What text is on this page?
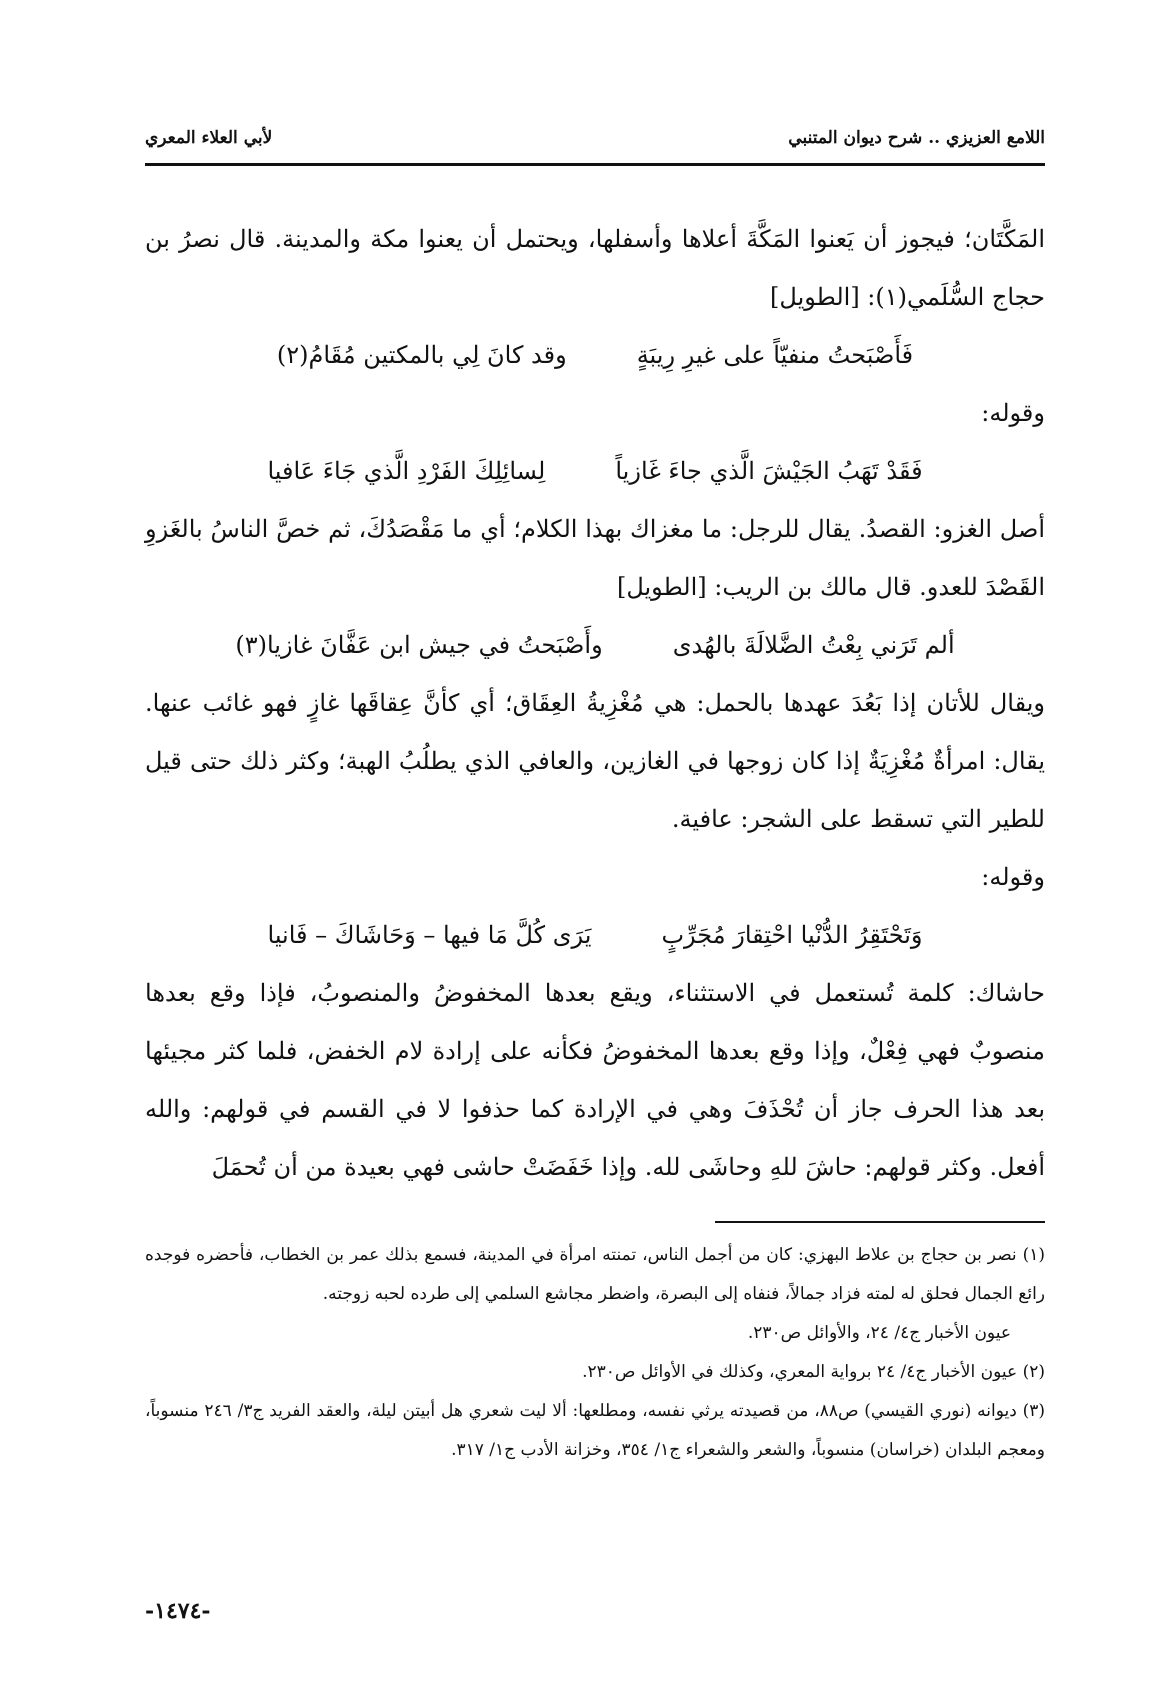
اللامع العزيزي .. شرح ديوان المتنبي
لأبي العلاء المعري

المَكَّتَان؛ فيجوز أن يَعنوا المَكَّةَ أعلاها وأسفلها، ويحتمل أن يعنوا مكة والمدينة. قال نصرُ بن حجاج السُّلَمي(١): [الطويل]

فَأَصْبَحتُ منفيّاً على غيرِ رِيبَةٍ
وقد كانَ لِي بالمكتين مُقَامُ(٢)

وقوله:

فَقَدْ تَهَبُ الجَيْشَ الَّذي جاءَ غَازياً
لِسائِلِكَ الفَرْدِ الَّذي جَاءَ عَافيا

أصل الغزو: القصدُ. يقال للرجل: ما مغزاك بهذا الكلام؛ أي ما مَقْصَدُكَ، ثم خصَّ الناسُ بالغَزوِ القَصْدَ للعدو. قال مالك بن الريب: [الطويل]

ألم تَرَني بِعْتُ الضَّلالَةَ بالهُدى
وأَصْبَحتُ في جيش ابن عَفَّانَ غازيا(٣)

ويقال للأتان إذا بَعُدَ عهدها بالحمل: هي مُغْزِيةُ العِقَاق؛ أي كأنَّ عِقاقَها غازٍ فهو غائب عنها. يقال: امرأةٌ مُغْزِيَةٌ إذا كان زوجها في الغازين، والعافي الذي يطلُبُ الهبة؛ وكثر ذلك حتى قيل للطير التي تسقط على الشجر: عافية.

وقوله:

وَتَحْتَقِرُ الدُّنْيا احْتِقارَ مُجَرِّبٍ
يَرَى كُلَّ مَا فيها – وَحَاشَاكَ – فَانيا

حاشاك: كلمة تُستعمل في الاستثناء، ويقع بعدها المخفوضُ والمنصوبُ، فإذا وقع بعدها منصوبٌ فهي فِعْلٌ، وإذا وقع بعدها المخفوضُ فكأنه على إرادة لام الخفض، فلما كثر مجيئها بعد هذا الحرف جاز أن تُحْذَفَ وهي في الإرادة كما حذفوا لا في القسم في قولهم: والله أفعل. وكثر قولهم: حاشَ للهِ وحاشَى لله. وإذا خَفَضَتْ حاشى فهي بعيدة من أن تُحمَلَ

(١) نصر بن حجاج بن علاط البهزي: كان من أجمل الناس، تمنته امرأة في المدينة، فسمع بذلك عمر بن الخطاب، فأحضره فوجده رائع الجمال فحلق له لمته فزاد جمالاً، فنفاه إلى البصرة، واضطر مجاشع السلمي إلى طرده لحبه زوجته.

عيون الأخبار ج٤/ ٢٤، والأوائل ص٢٣٠.

(٢) عيون الأخبار ج٤/ ٢٤ برواية المعري، وكذلك في الأوائل ص٢٣٠.

(٣) ديوانه (نوري القيسي) ص٨٨، من قصيدته يرثي نفسه، ومطلعها: ألا ليت شعري هل أبيتن ليلة، والعقد الفريد ج٣/ ٢٤٦ منسوباً، ومعجم البلدان (خراسان) منسوباً، والشعر والشعراء ج١/ ٣٥٤، وخزانة الأدب ج١/ ٣١٧.

-١٤٧٤-
